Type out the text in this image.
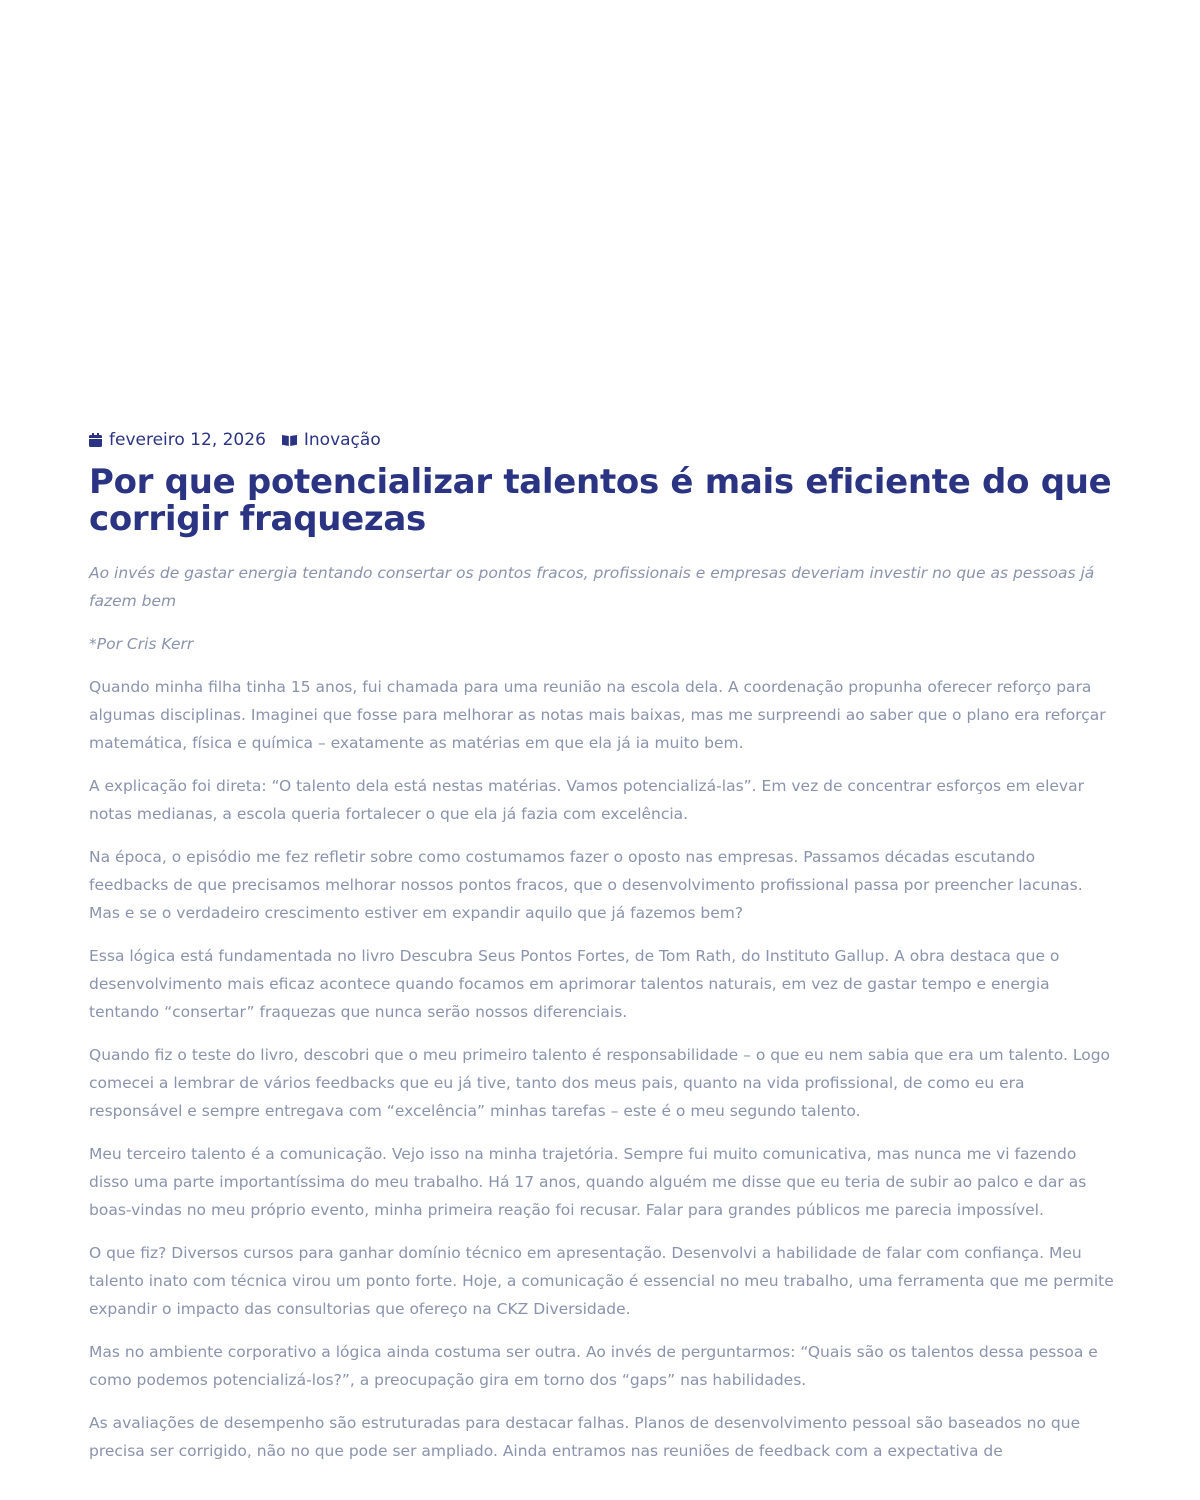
fevereiro 12, 2026 Inovação
Por que potencializar talentos é mais eficiente do que corrigir fraquezas

Ao invés de gastar energia tentando consertar os pontos fracos, profissionais e empresas deveriam investir no que as pessoas já fazem bem

*Por Cris Kerr

Quando minha filha tinha 15 anos, fui chamada para uma reunião na escola dela. A coordenação propunha oferecer reforço para algumas disciplinas. Imaginei que fosse para melhorar as notas mais baixas, mas me surpreendi ao saber que o plano era reforçar matemática, física e química – exatamente as matérias em que ela já ia muito bem.

A explicação foi direta: “O talento dela está nestas matérias. Vamos potencializá-las”. Em vez de concentrar esforços em elevar notas medianas, a escola queria fortalecer o que ela já fazia com excelência.

Na época, o episódio me fez refletir sobre como costumamos fazer o oposto nas empresas. Passamos décadas escutando feedbacks de que precisamos melhorar nossos pontos fracos, que o desenvolvimento profissional passa por preencher lacunas. Mas e se o verdadeiro crescimento estiver em expandir aquilo que já fazemos bem?

Essa lógica está fundamentada no livro Descubra Seus Pontos Fortes, de Tom Rath, do Instituto Gallup. A obra destaca que o desenvolvimento mais eficaz acontece quando focamos em aprimorar talentos naturais, em vez de gastar tempo e energia tentando “consertar” fraquezas que nunca serão nossos diferenciais.

Quando fiz o teste do livro, descobri que o meu primeiro talento é responsabilidade – o que eu nem sabia que era um talento. Logo comecei a lembrar de vários feedbacks que eu já tive, tanto dos meus pais, quanto na vida profissional, de como eu era responsável e sempre entregava com “excelência” minhas tarefas – este é o meu segundo talento.

Meu terceiro talento é a comunicação. Vejo isso na minha trajetória. Sempre fui muito comunicativa, mas nunca me vi fazendo disso uma parte importantíssima do meu trabalho. Há 17 anos, quando alguém me disse que eu teria de subir ao palco e dar as boas-vindas no meu próprio evento, minha primeira reação foi recusar. Falar para grandes públicos me parecia impossível.

O que fiz? Diversos cursos para ganhar domínio técnico em apresentação. Desenvolvi a habilidade de falar com confiança. Meu talento inato com técnica virou um ponto forte. Hoje, a comunicação é essencial no meu trabalho, uma ferramenta que me permite expandir o impacto das consultorias que ofereço na CKZ Diversidade.

Mas no ambiente corporativo a lógica ainda costuma ser outra. Ao invés de perguntarmos: “Quais são os talentos dessa pessoa e como podemos potencializá-los?”, a preocupação gira em torno dos “gaps” nas habilidades.

As avaliações de desempenho são estruturadas para destacar falhas. Planos de desenvolvimento pessoal são baseados no que precisa ser corrigido, não no que pode ser ampliado. Ainda entramos nas reuniões de feedback com a expectativa de
